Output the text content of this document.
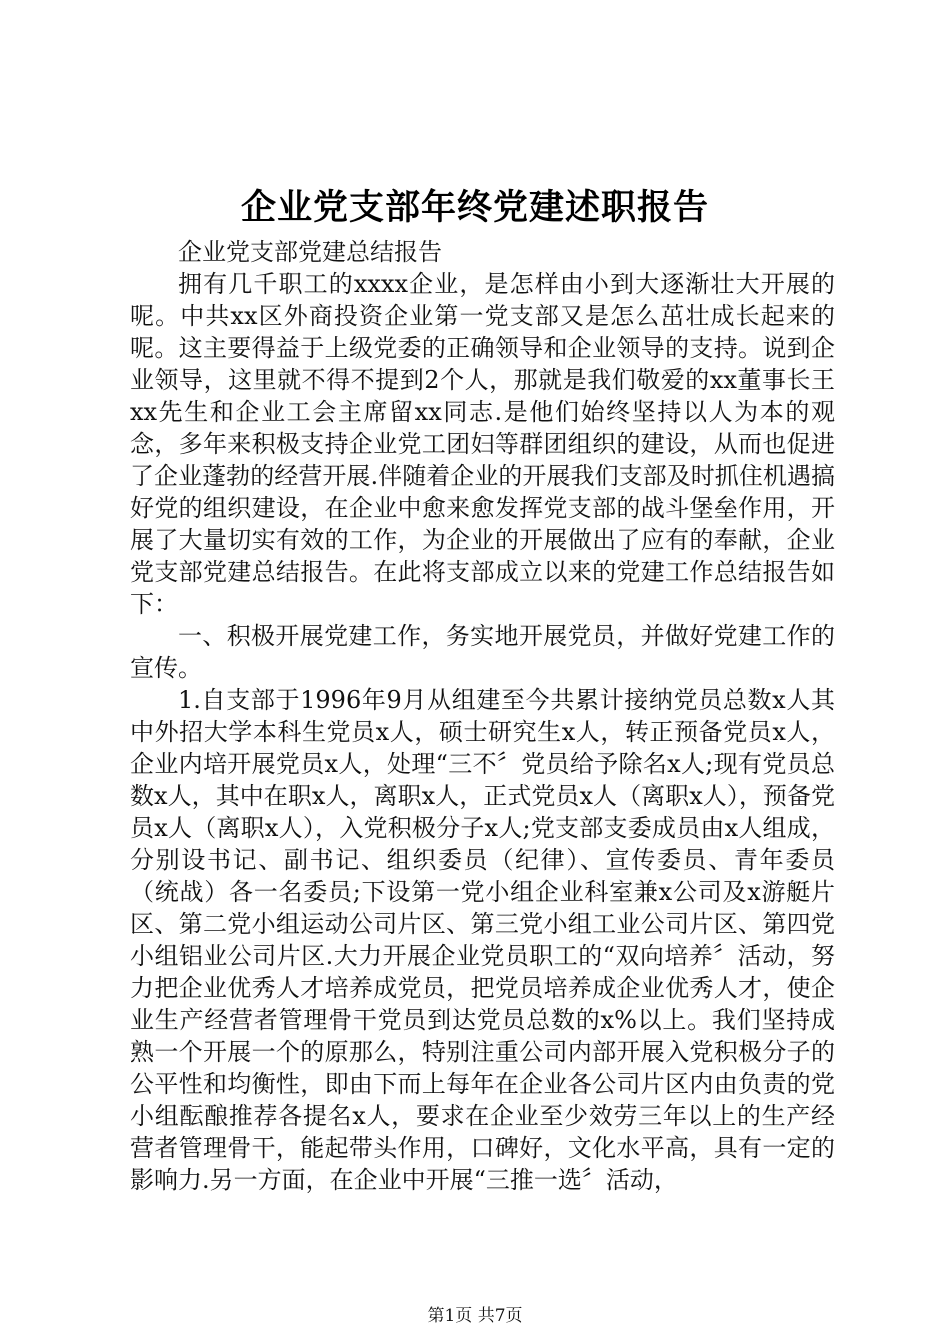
企业党支部年终党建述职报告

企业党支部党建总结报告

拥有几千职工的xxxx企业，是怎样由小到大逐渐壮大开展的呢。中共xx区外商投资企业第一党支部又是怎么茁壮成长起来的呢。这主要得益于上级党委的正确领导和企业领导的支持。说到企业领导，这里就不得不提到2个人，那就是我们敬爱的xx董事长王xx先生和企业工会主席留xx同志.是他们始终坚持以人为本的观念，多年来积极支持企业党工团妇等群团组织的建设，从而也促进了企业蓬勃的经营开展.伴随着企业的开展我们支部及时抓住机遇搞好党的组织建设，在企业中愈来愈发挥党支部的战斗堡垒作用，开展了大量切实有效的工作，为企业的开展做出了应有的奉献，企业党支部党建总结报告。在此将支部成立以来的党建工作总结报告如下：

一、积极开展党建工作，务实地开展党员，并做好党建工作的宣传。

1.自支部于1996年9月从组建至今共累计接纳党员总数x人其中外招大学本科生党员x人，硕士研究生x人，转正预备党员x人，企业内培开展党员x人，处理“三不〞党员给予除名x人;现有党员总数x人，其中在职x人，离职x人，正式党员x人（离职x人），预备党员x人（离职x人），入党积极分子x人;党支部支委成员由x人组成，分别设书记、副书记、组织委员（纪律）、宣传委员、青年委员（统战）各一名委员;下设第一党小组企业科室兼x公司及x游艇片区、第二党小组运动公司片区、第三党小组工业公司片区、第四党小组铝业公司片区.大力开展企业党员职工的“双向培养〞活动，努力把企业优秀人才培养成党员，把党员培养成企业优秀人才，使企业生产经营者管理骨干党员到达党员总数的x%以上。我们坚持成熟一个开展一个的原那么，特别注重公司内部开展入党积极分子的公平性和均衡性，即由下而上每年在企业各公司片区内由负责的党小组酝酿推荐各提名x人，要求在企业至少效劳三年以上的生产经营者管理骨干，能起带头作用，口碑好，文化水平高，具有一定的影响力.另一方面，在企业中开展“三推一选〞活动，

第1页 共7页
